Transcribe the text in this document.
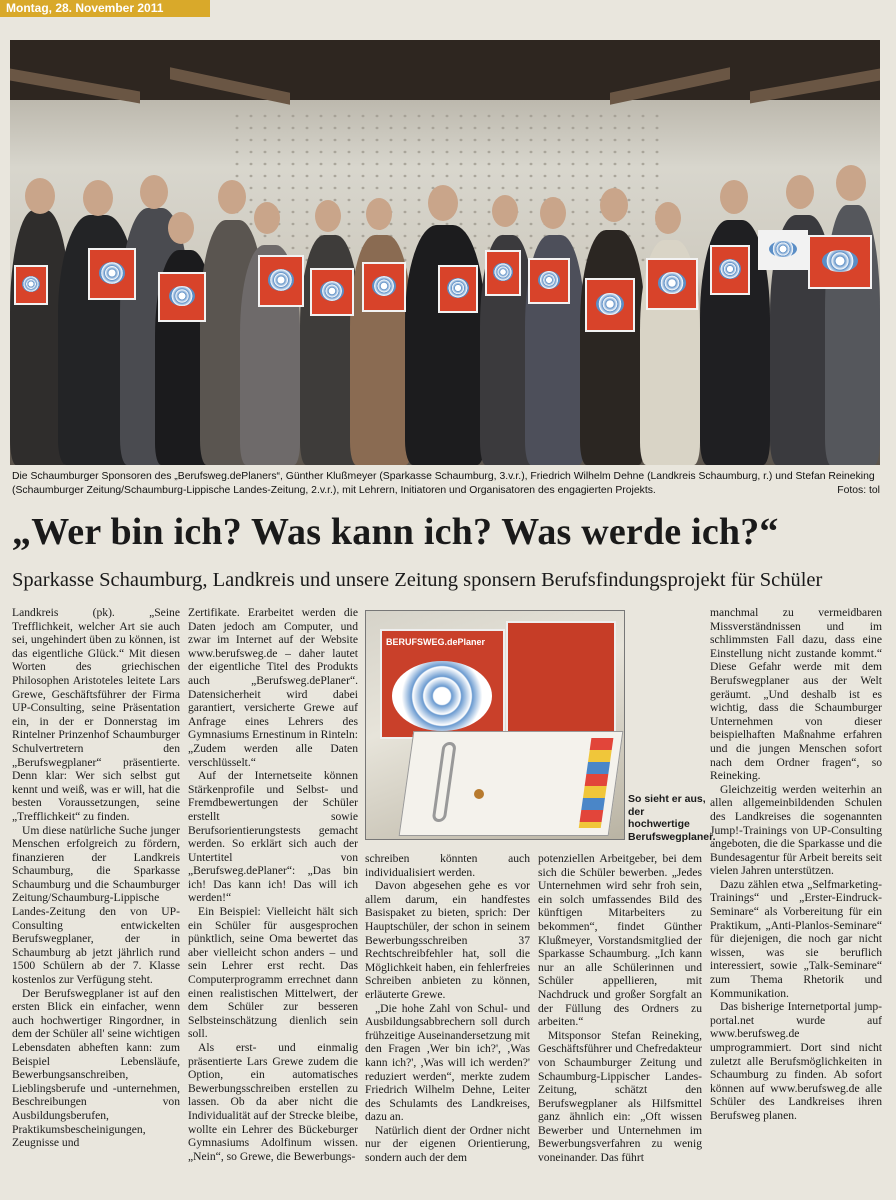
Montag, 28. November 2011
Die Schaumburger Sponsoren des „Berufsweg.dePlaners“, Günther Klußmeyer (Sparkasse Schaumburg, 3.v.r.), Friedrich Wilhelm Dehne (Landkreis Schaumburg, r.) und Stefan Reineking (Schaumburger Zeitung/Schaumburg-Lippische Landes-Zeitung, 2.v.r.), mit Lehrern, Initiatoren und Organisatoren des engagierten Projekts.	Fotos: tol
„Wer bin ich? Was kann ich? Was werde ich?“
Sparkasse Schaumburg, Landkreis und unsere Zeitung sponsern Berufsfindungsprojekt für Schüler

Landkreis (pk). „Seine Trefflichkeit, welcher Art sie auch sei, ungehindert üben zu können, ist das eigentliche Glück.“ Mit diesen Worten des griechischen Philosophen Aristoteles leitete Lars Grewe, Geschäftsführer der Firma UP-Consulting, seine Präsentation ein, in der er Donnerstag im Rintelner Prinzenhof Schaumburger Schulvertretern den „Berufswegplaner“ präsentierte. Denn klar: Wer sich selbst gut kennt und weiß, was er will, hat die besten Voraussetzungen, seine „Trefflichkeit“ zu finden.

Um diese natürliche Suche junger Menschen erfolgreich zu fördern, finanzieren der Landkreis Schaumburg, die Sparkasse Schaumburg und die Schaumburger Zeitung/Schaumburg-Lippische Landes-Zeitung den von UP-Consulting entwickelten Berufswegplaner, der in Schaumburg ab jetzt jährlich rund 1500 Schülern ab der 7. Klasse kostenlos zur Verfügung steht.

Der Berufswegplaner ist auf den ersten Blick ein einfacher, wenn auch hochwertiger Ringordner, in dem der Schüler all' seine wichtigen Lebensdaten abheften kann: zum Beispiel Lebensläufe, Bewerbungsanschreiben, Lieblingsberufe und -unternehmen, Beschreibungen von Ausbildungsberufen, Praktikumsbescheinigungen, Zeugnisse und

Zertifikate. Erarbeitet werden die Daten jedoch am Computer, und zwar im Internet auf der Website www.berufsweg.de – daher lautet der eigentliche Titel des Produkts auch „Berufsweg.dePlaner“. Datensicherheit wird dabei garantiert, versicherte Grewe auf Anfrage eines Lehrers des Gymnasiums Ernestinum in Rinteln: „Zudem werden alle Daten verschlüsselt.“

Auf der Internetseite können Stärkenprofile und Selbst- und Fremdbewertungen der Schüler erstellt sowie Berufsorientierungstests gemacht werden. So erklärt sich auch der Untertitel von „Berufsweg.dePlaner“: „Das bin ich! Das kann ich! Das will ich werden!“

Ein Beispiel: Vielleicht hält sich ein Schüler für ausgesprochen pünktlich, seine Oma bewertet das aber vielleicht schon anders – und sein Lehrer erst recht. Das Computerprogramm errechnet dann einen realistischen Mittelwert, der dem Schüler zur besseren Selbsteinschätzung dienlich sein soll.

Als erst- und einmalig präsentierte Lars Grewe zudem die Option, ein automatisches Bewerbungsschreiben erstellen zu lassen. Ob da aber nicht die Individualität auf der Strecke bleibe, wollte ein Lehrer des Bückeburger Gymnasiums Adolfinum wissen. „Nein“, so Grewe, die Bewerbungs-

BERUFSWEG.dePlaner
So sieht er aus, der hochwertige Berufswegplaner.

schreiben könnten auch individualisiert werden.

Davon abgesehen gehe es vor allem darum, ein handfestes Basispaket zu bieten, sprich: Der Hauptschüler, der schon in seinem Bewerbungsschreiben 37 Rechtschreibfehler hat, soll die Möglichkeit haben, ein fehlerfreies Schreiben anbieten zu können, erläuterte Grewe.

„Die hohe Zahl von Schul- und Ausbildungsabbrechern soll durch frühzeitige Auseinandersetzung mit den Fragen ,Wer bin ich?', ,Was kann ich?', ,Was will ich werden?' reduziert werden“, merkte zudem Friedrich Wilhelm Dehne, Leiter des Schulamts des Landkreises, dazu an.

Natürlich dient der Ordner nicht nur der eigenen Orientierung, sondern auch der dem

potenziellen Arbeitgeber, bei dem sich die Schüler bewerben. „Jedes Unternehmen wird sehr froh sein, ein solch umfassendes Bild des künftigen Mitarbeiters zu bekommen“, findet Günther Klußmeyer, Vorstandsmitglied der Sparkasse Schaumburg. „Ich kann nur an alle Schülerinnen und Schüler appellieren, mit Nachdruck und großer Sorgfalt an der Füllung des Ordners zu arbeiten.“

Mitsponsor Stefan Reineking, Geschäftsführer und Chefredakteur von Schaumburger Zeitung und Schaumburg-Lippischer Landes-Zeitung, schätzt den Berufswegplaner als Hilfsmittel ganz ähnlich ein: „Oft wissen Bewerber und Unternehmen im Bewerbungsverfahren zu wenig voneinander. Das führt

manchmal zu vermeidbaren Missverständnissen und im schlimmsten Fall dazu, dass eine Einstellung nicht zustande kommt.“ Diese Gefahr werde mit dem Berufswegplaner aus der Welt geräumt. „Und deshalb ist es wichtig, dass die Schaumburger Unternehmen von dieser beispielhaften Maßnahme erfahren und die jungen Menschen sofort nach dem Ordner fragen“, so Reineking.

Gleichzeitig werden weiterhin an allen allgemeinbildenden Schulen des Landkreises die sogenannten Jump!-Trainings von UP-Consulting angeboten, die die Sparkasse und die Bundesagentur für Arbeit bereits seit vielen Jahren unterstützen.

Dazu zählen etwa „Selfmarketing-Trainings“ und „Erster-Eindruck-Seminare“ als Vorbereitung für ein Praktikum, „Anti-Planlos-Seminare“ für diejenigen, die noch gar nicht wissen, was sie beruflich interessiert, sowie „Talk-Seminare“ zum Thema Rhetorik und Kommunikation.

Das bisherige Internetportal jump-portal.net wurde auf www.berufsweg.de umprogrammiert. Dort sind nicht zuletzt alle Berufsmöglichkeiten in Schaumburg zu finden. Ab sofort können auf www.berufsweg.de alle Schüler des Landkreises ihren Berufsweg planen.
